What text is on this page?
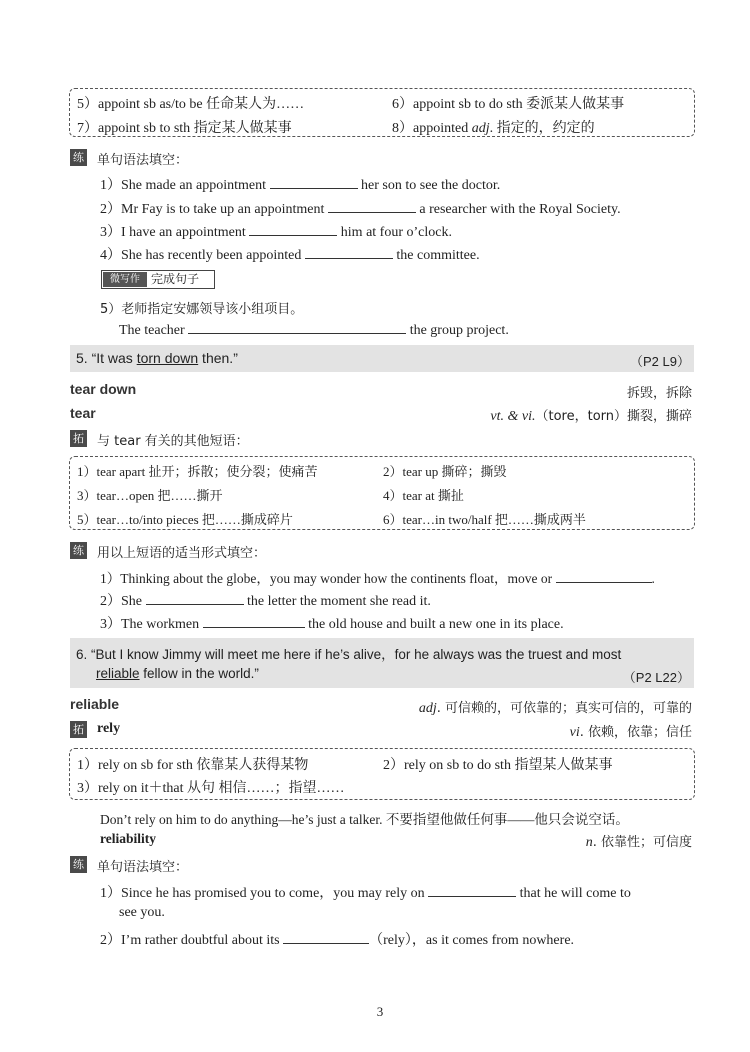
5）appoint sb as/to be 任命某人为……	6）appoint sb to do sth 委派某人做某事
7）appoint sb to sth 指定某人做某事	8）appointed adj. 指定的，约定的
练 单句语法填空：
1）She made an appointment	her son to see the doctor.
2）Mr Fay is to take up an appointment	a researcher with the Royal Society.
3）I have an appointment	him at four o’clock.
4）She has recently been appointed	the committee.
微写作 完成句子
5）老师指定安娜领导该小组项目。
The teacher	the group project.
5. “It was torn down then.”	（P2 L9）
tear down	拆毁，拆除
tear	vt. & vi.（tore，torn）撕裂，撕碎
拓 与 tear 有关的其他短语：
1）tear apart 扯开；拆散；使分裂；使痛苦	2）tear up 撕碎；撕毁
3）tear…open 把……撕开	4）tear at 撕扯
5）tear…to/into pieces 把……撕成碎片	6）tear…in two/half 把……撕成两半
练 用以上短语的适当形式填空：
1）Thinking about the globe，you may wonder how the continents float，move or	.
2）She	the letter the moment she read it.
3）The workmen	the old house and built a new one in its place.
6. “But I know Jimmy will meet me here if he’s alive，for he always was the truest and most
reliable fellow in the world.”	（P2 L22）
reliable	adj. 可信赖的，可依靠的；真实可信的，可靠的
拓 rely	vi. 依赖，依靠；信任
1）rely on sb for sth 依靠某人获得某物	2）rely on sb to do sth 指望某人做某事
3）rely on it＋that 从句 相信……；指望……
Don’t rely on him to do anything—he’s just a talker. 不要指望他做任何事——他只会说空话。
reliability	n. 依靠性；可信度
练 单句语法填空：
1）Since he has promised you to come，you may rely on	that he will come to
see you.
2）I’m rather doubtful about its	（rely），as it comes from nowhere.
3
